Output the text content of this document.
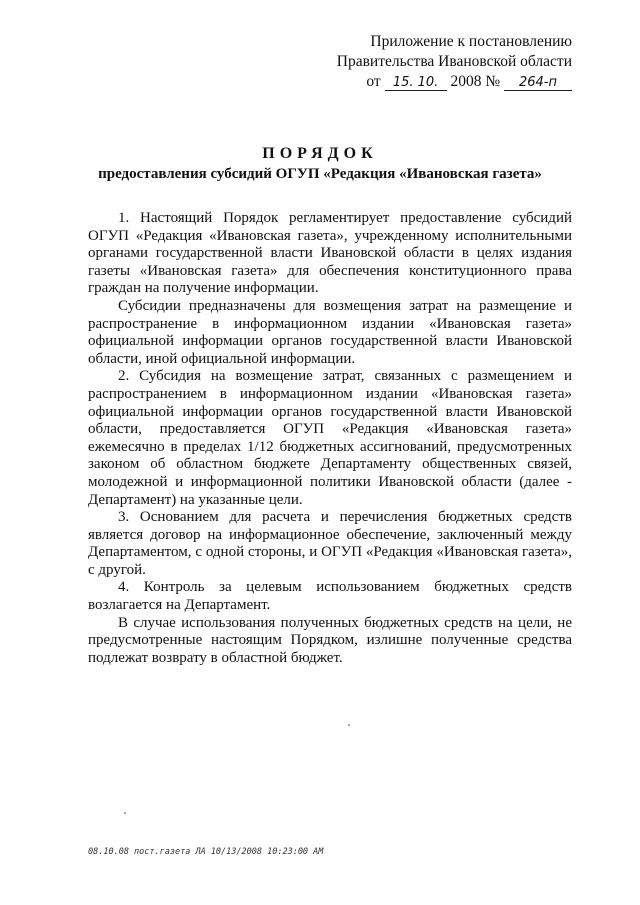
Приложение к постановлению
Правительства Ивановской области
от 15. 10. 2008 № 264-п
ПОРЯДОК
предоставления субсидий ОГУП «Редакция «Ивановская газета»

1. Настоящий Порядок регламентирует предоставление субсидий ОГУП «Редакция «Ивановская газета», учрежденному исполнительными органами государственной власти Ивановской области в целях издания газеты «Ивановская газета» для обеспечения конституционного права граждан на получение информации.

Субсидии предназначены для возмещения затрат на размещение и распространение в информационном издании «Ивановская газета» официальной информации органов государственной власти Ивановской области, иной официальной информации.

2. Субсидия на возмещение затрат, связанных с размещением и распространением в информационном издании «Ивановская газета» официальной информации органов государственной власти Ивановской области, предоставляется ОГУП «Редакция «Ивановская газета» ежемесячно в пределах 1/12 бюджетных ассигнований, предусмотренных законом об областном бюджете Департаменту общественных связей, молодежной и информационной политики Ивановской области (далее - Департамент) на указанные цели.

3. Основанием для расчета и перечисления бюджетных средств является договор на информационное обеспечение, заключенный между Департаментом, с одной стороны, и ОГУП «Редакция «Ивановская газета», с другой.

4. Контроль за целевым использованием бюджетных средств возлагается на Департамент.

В случае использования полученных бюджетных средств на цели, не предусмотренные настоящим Порядком, излишне полученные средства подлежат возврату в областной бюджет.

08.10.08 пост.газета ЛА 10/13/2008 10:23:00 AM
